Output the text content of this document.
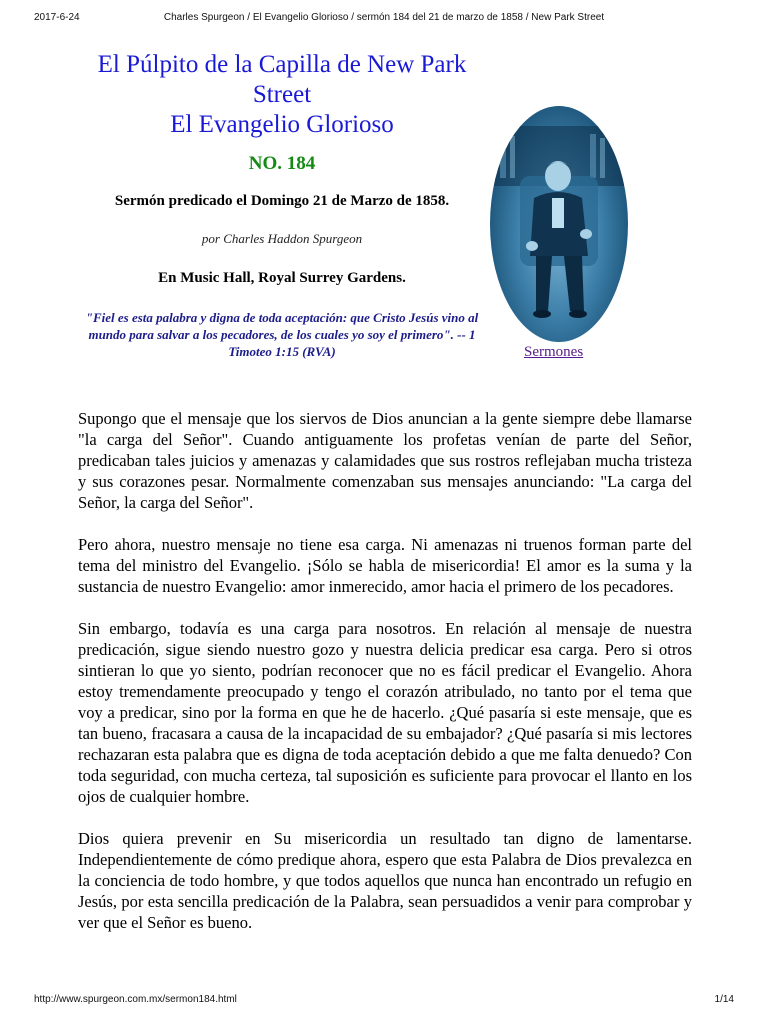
2017-6-24	Charles Spurgeon / El Evangelio Glorioso / sermón 184 del 21 de marzo de 1858 / New Park Street
El Púlpito de la Capilla de New Park
Street
El Evangelio Glorioso
NO. 184
Sermón predicado el Domingo 21 de Marzo de 1858.
por Charles Haddon Spurgeon
En Music Hall, Royal Surrey Gardens.
"Fiel es esta palabra y digna de toda aceptación: que Cristo Jesús vino al mundo para salvar a los pecadores, de los cuales yo soy el primero". -- 1 Timoteo 1:15 (RVA)	Sermones

Supongo que el mensaje que los siervos de Dios anuncian a la gente siempre debe llamarse "la carga del Señor". Cuando antiguamente los profetas venían de parte del Señor, predicaban tales juicios y amenazas y calamidades que sus rostros reflejaban mucha tristeza y sus corazones pesar. Normalmente comenzaban sus mensajes anunciando: "La carga del Señor, la carga del Señor".

Pero ahora, nuestro mensaje no tiene esa carga. Ni amenazas ni truenos forman parte del tema del ministro del Evangelio. ¡Sólo se habla de misericordia! El amor es la suma y la sustancia de nuestro Evangelio: amor inmerecido, amor hacia el primero de los pecadores.

Sin embargo, todavía es una carga para nosotros. En relación al mensaje de nuestra predicación, sigue siendo nuestro gozo y nuestra delicia predicar esa carga. Pero si otros sintieran lo que yo siento, podrían reconocer que no es fácil predicar el Evangelio. Ahora estoy tremendamente preocupado y tengo el corazón atribulado, no tanto por el tema que voy a predicar, sino por la forma en que he de hacerlo. ¿Qué pasaría si este mensaje, que es tan bueno, fracasara a causa de la incapacidad de su embajador? ¿Qué pasaría si mis lectores rechazaran esta palabra que es digna de toda aceptación debido a que me falta denuedo? Con toda seguridad, con mucha certeza, tal suposición es suficiente para provocar el llanto en los ojos de cualquier hombre.

Dios quiera prevenir en Su misericordia un resultado tan digno de lamentarse. Independientemente de cómo predique ahora, espero que esta Palabra de Dios prevalezca en la conciencia de todo hombre, y que todos aquellos que nunca han encontrado un refugio en Jesús, por esta sencilla predicación de la Palabra, sean persuadidos a venir para comprobar y ver que el Señor es bueno.

http://www.spurgeon.com.mx/sermon184.html	1/14
